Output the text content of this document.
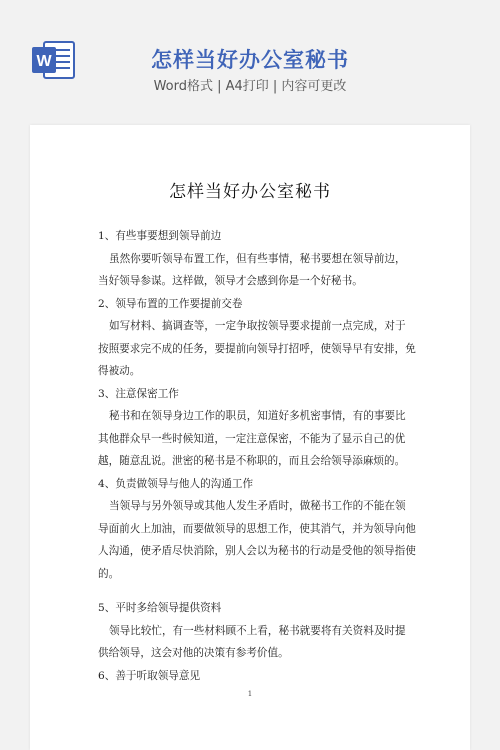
W	怎样当好办公室秘书
Word格式 | A4打印 | 内容可更改
怎样当好办公室秘书

1、有些事要想到领导前边

虽然你要听领导布置工作，但有些事情，秘书要想在领导前边，当好领导参谋。这样做，领导才会感到你是一个好秘书。

2、领导布置的工作要提前交卷

如写材料、搞调查等，一定争取按领导要求提前一点完成，对于按照要求完不成的任务，要提前向领导打招呼，使领导早有安排，免得被动。

3、注意保密工作

秘书和在领导身边工作的职员，知道好多机密事情，有的事要比其他群众早一些时候知道，一定注意保密，不能为了显示自己的优越，随意乱说。泄密的秘书是不称职的，而且会给领导添麻烦的。

4、负责做领导与他人的沟通工作

当领导与另外领导或其他人发生矛盾时，做秘书工作的不能在领导面前火上加油，而要做领导的思想工作，使其消气，并为领导向他人沟通，使矛盾尽快消除，别人会以为秘书的行动是受他的领导指使的。

5、平时多给领导提供资料

领导比较忙，有一些材料顾不上看，秘书就要将有关资料及时提供给领导，这会对他的决策有参考价值。

6、善于听取领导意见

1
